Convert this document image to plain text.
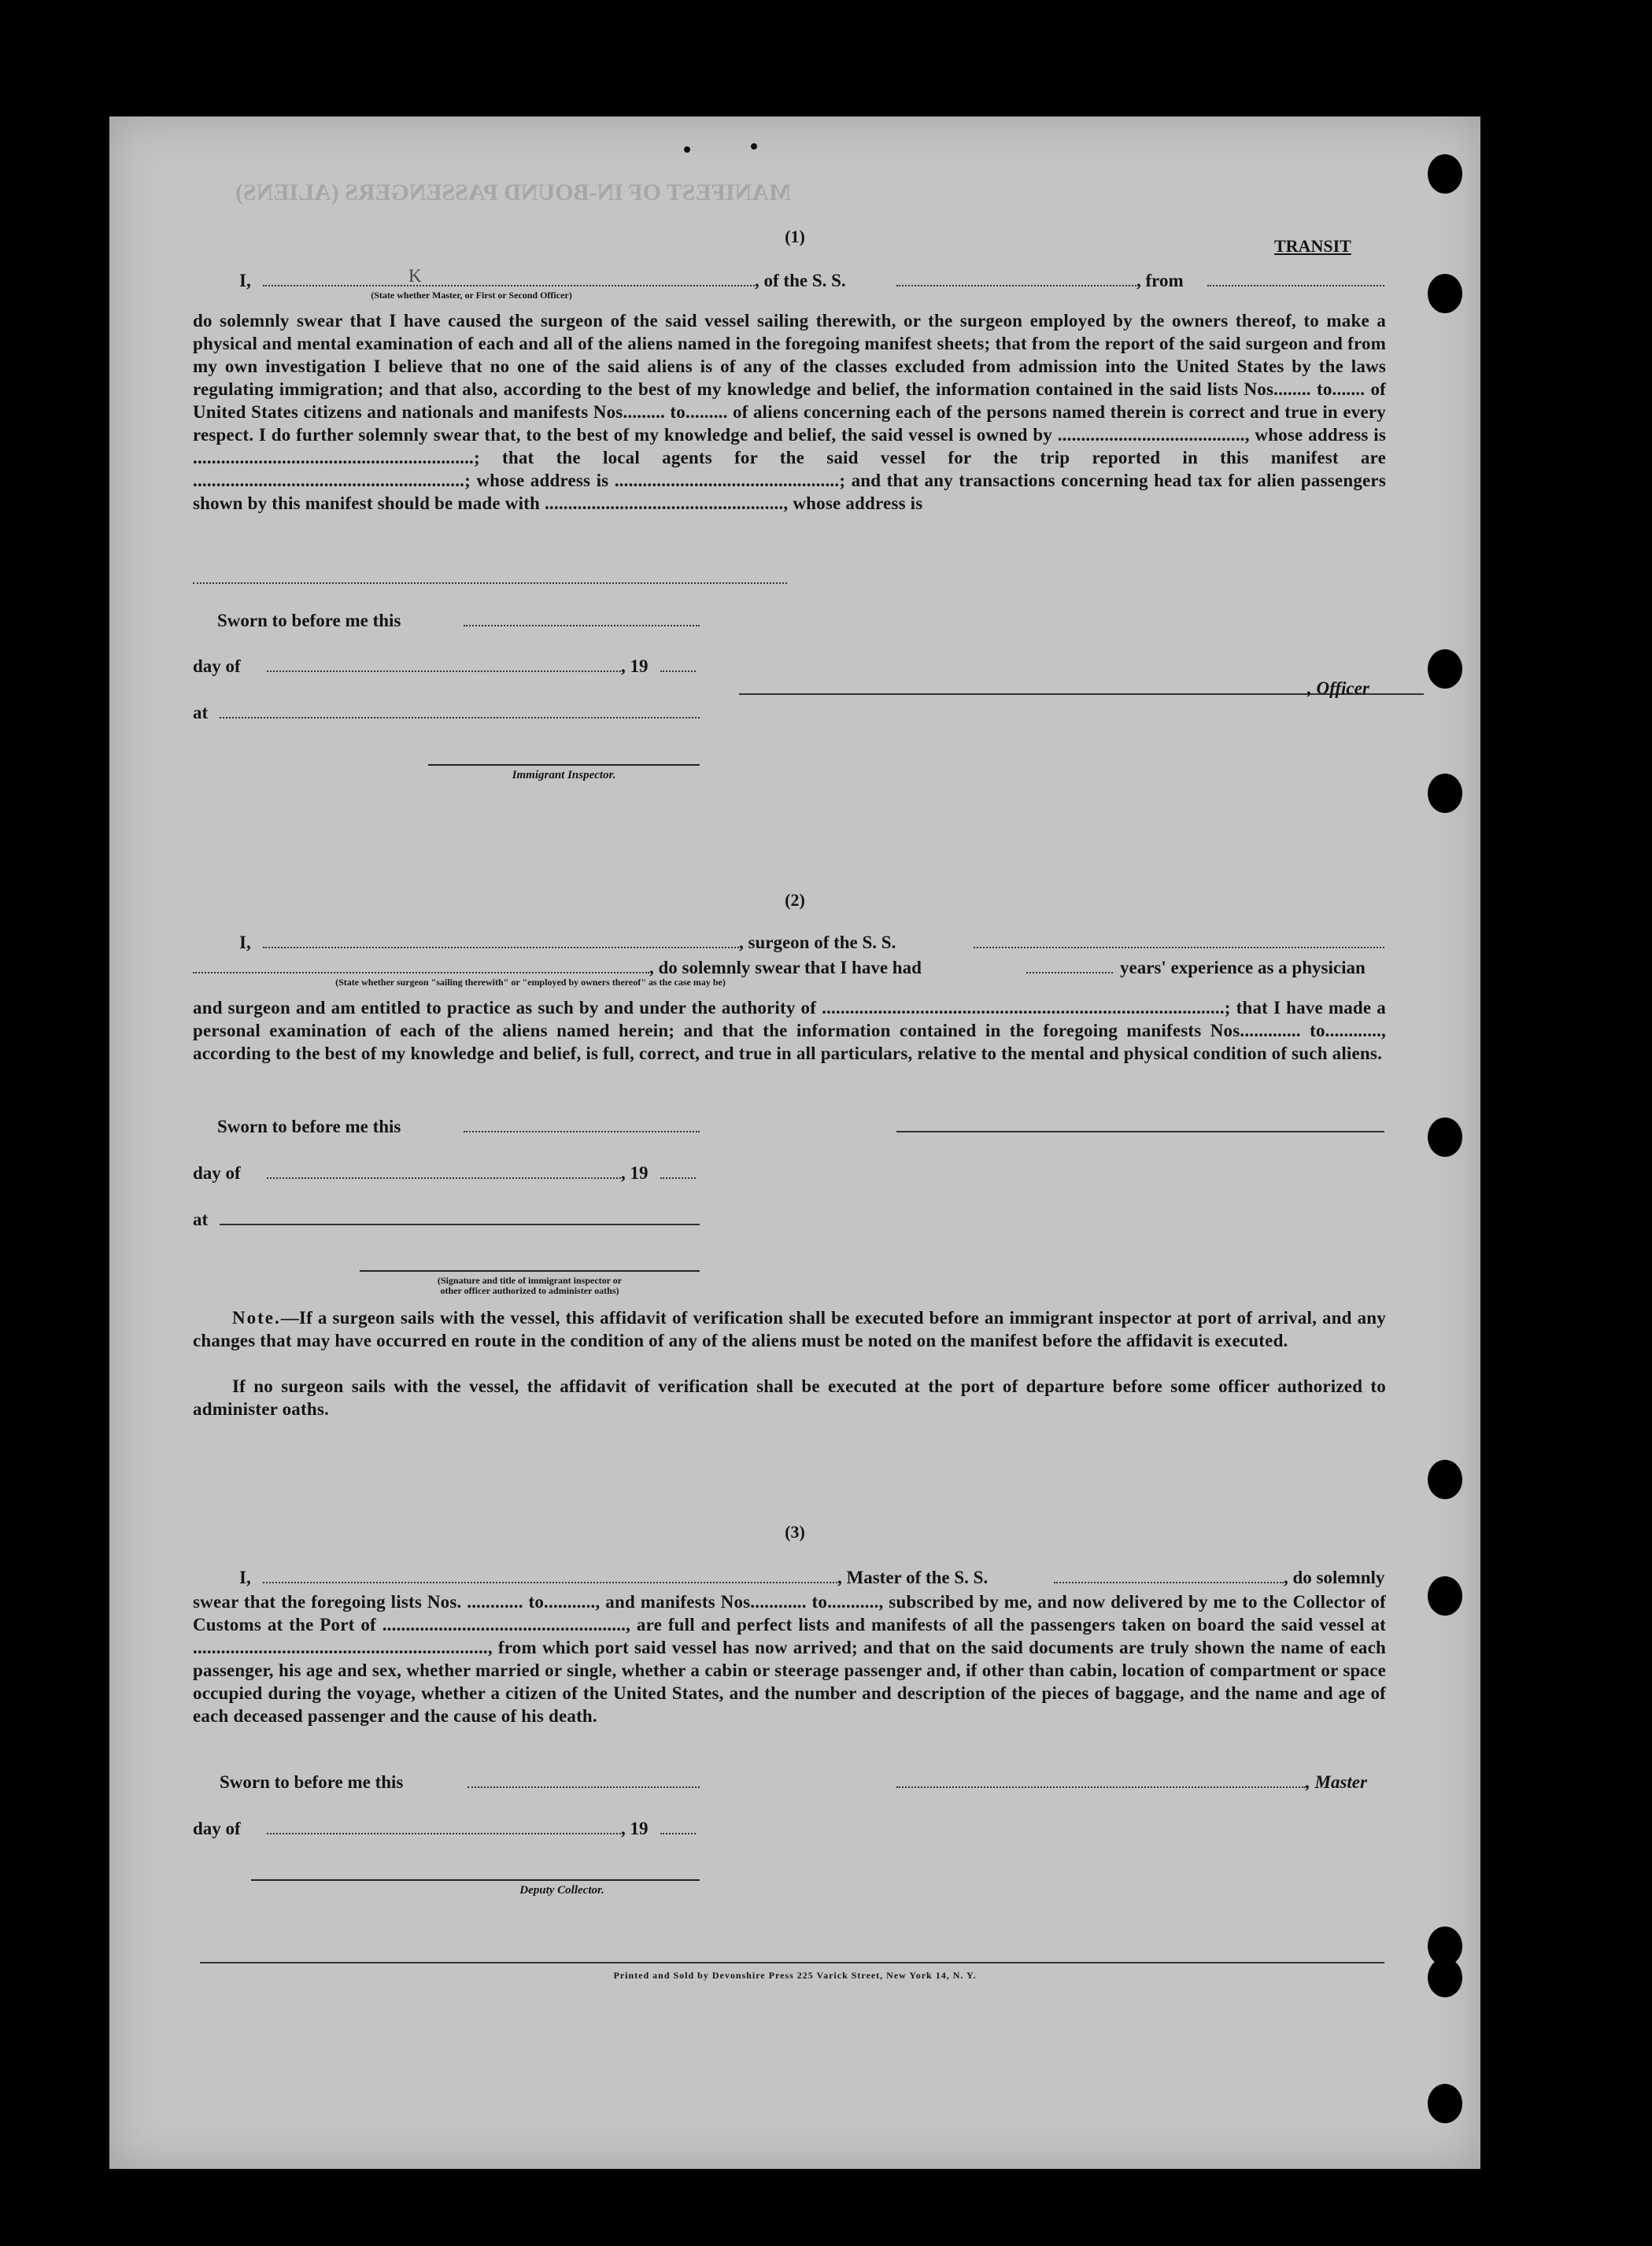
MANIFEST OF IN-BOUND PASSENGERS (ALIENS)
(1)	TRANSIT
I,	K	, of the S. S.	, from
(State whether Master, or First or Second Officer)
do solemnly swear that I have caused the surgeon of the said vessel sailing therewith, or the surgeon employed by the owners thereof, to make a physical and mental examination of each and all of the aliens named in the foregoing manifest sheets; that from the report of the said surgeon and from my own investigation I believe that no one of the said aliens is of any of the classes excluded from admission into the United States by the laws regulating immigration; and that also, according to the best of my knowledge and belief, the information contained in the said lists Nos........ to....... of United States citizens and nationals and manifests Nos......... to......... of aliens concerning each of the persons named therein is correct and true in every respect. I do further solemnly swear that, to the best of my knowledge and belief, the said vessel is owned by ........................................, whose address is ............................................................; that the local agents for the said vessel for the trip reported in this manifest are ..........................................................; whose address is ................................................; and that any transactions concerning head tax for alien passengers shown by this manifest should be made with ..................................................., whose address is
Sworn to before me this
day of	, 19
at
, Officer
Immigrant Inspector.
(2)
I,	, surgeon of the S. S.
, do solemnly swear that I have had	years' experience as a physician
(State whether surgeon "sailing therewith" or "employed by owners thereof" as the case may be)
and surgeon and am entitled to practice as such by and under the authority of ......................................................................................; that I have made a personal examination of each of the aliens named herein; and that the information contained in the foregoing manifests Nos............. to............, according to the best of my knowledge and belief, is full, correct, and true in all particulars, relative to the mental and physical condition of such aliens.
Sworn to before me this
day of	, 19
at
(Signature and title of immigrant inspector or
other officer authorized to administer oaths)
Note.—If a surgeon sails with the vessel, this affidavit of verification shall be executed before an immigrant inspector at port of arrival, and any changes that may have occurred en route in the condition of any of the aliens must be noted on the manifest before the affidavit is executed.
If no surgeon sails with the vessel, the affidavit of verification shall be executed at the port of departure before some officer authorized to administer oaths.
(3)
I,	, Master of the S. S.	, do solemnly
swear that the foregoing lists Nos. ............ to..........., and manifests Nos............ to..........., subscribed by me, and now delivered by me to the Collector of Customs at the Port of ...................................................., are full and perfect lists and manifests of all the passengers taken on board the said vessel at ..............................................................., from which port said vessel has now arrived; and that on the said documents are truly shown the name of each passenger, his age and sex, whether married or single, whether a cabin or steerage passenger and, if other than cabin, location of compartment or space occupied during the voyage, whether a citizen of the United States, and the number and description of the pieces of baggage, and the name and age of each deceased passenger and the cause of his death.
Sworn to before me this	, Master
day of	, 19
Deputy Collector.
Printed and Sold by Devonshire Press 225 Varick Street, New York 14, N. Y.
